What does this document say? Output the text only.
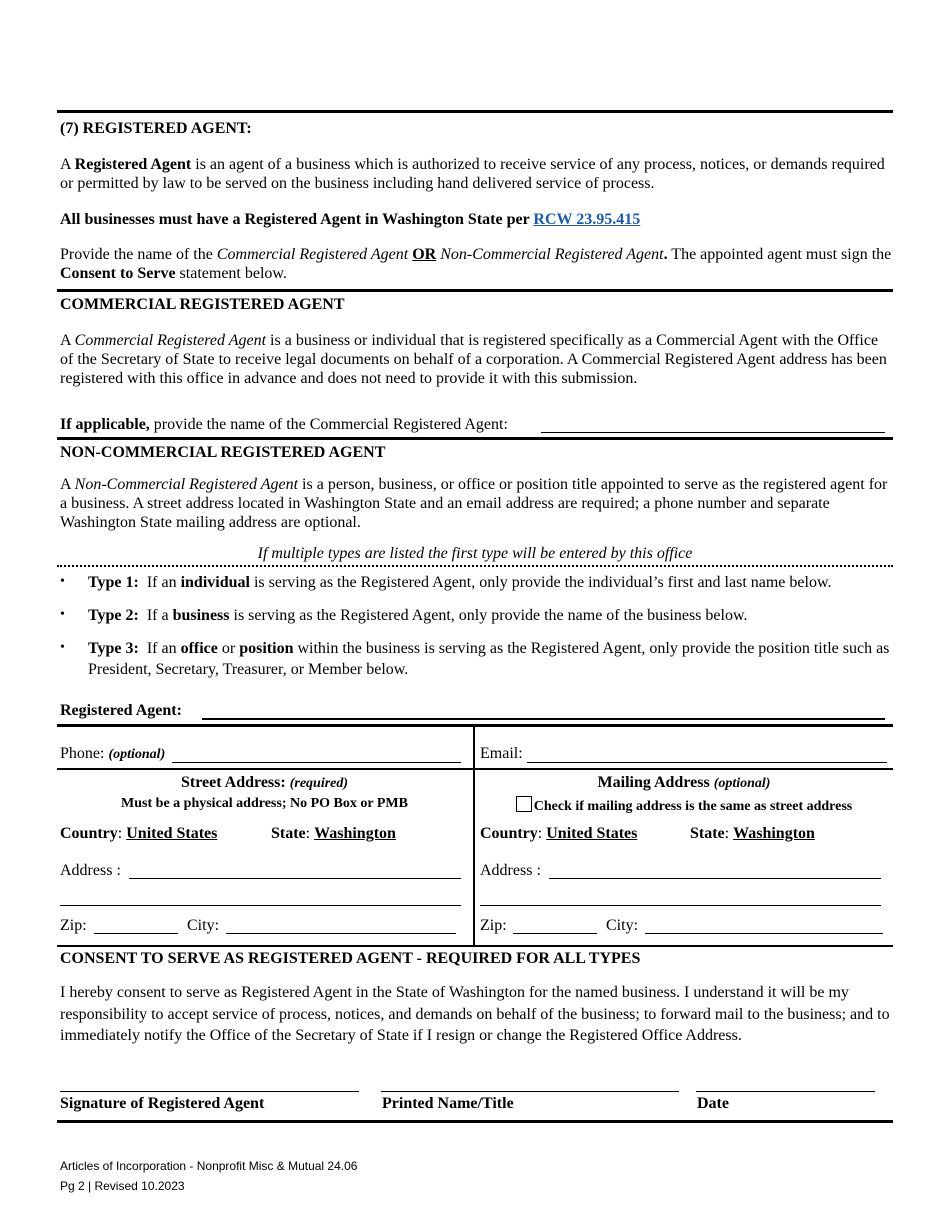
(7) REGISTERED AGENT:
A Registered Agent is an agent of a business which is authorized to receive service of any process, notices, or demands required or permitted by law to be served on the business including hand delivered service of process.
All businesses must have a Registered Agent in Washington State per RCW 23.95.415
Provide the name of the Commercial Registered Agent OR Non-Commercial Registered Agent. The appointed agent must sign the Consent to Serve statement below.
COMMERCIAL REGISTERED AGENT
A Commercial Registered Agent is a business or individual that is registered specifically as a Commercial Agent with the Office of the Secretary of State to receive legal documents on behalf of a corporation. A Commercial Registered Agent address has been registered with this office in advance and does not need to provide it with this submission.
If applicable, provide the name of the Commercial Registered Agent:
NON-COMMERCIAL REGISTERED AGENT
A Non-Commercial Registered Agent is a person, business, or office or position title appointed to serve as the registered agent for a business. A street address located in Washington State and an email address are required; a phone number and separate Washington State mailing address are optional.
If multiple types are listed the first type will be entered by this office
• Type 1:  If an individual is serving as the Registered Agent, only provide the individual’s first and last name below.
• Type 2:  If a business is serving as the Registered Agent, only provide the name of the business below.
• Type 3:  If an office or position within the business is serving as the Registered Agent, only provide the position title such as President, Secretary, Treasurer, or Member below.
Registered Agent:
Phone: (optional)	Email:
Street Address: (required)
Must be a physical address; No PO Box or PMB
Country: United States	State: Washington
Address :
Zip:	City:
Mailing Address (optional)
Check if mailing address is the same as street address
Country: United States	State: Washington
Address :
Zip:	City:
CONSENT TO SERVE AS REGISTERED AGENT - REQUIRED FOR ALL TYPES
I hereby consent to serve as Registered Agent in the State of Washington for the named business. I understand it will be my responsibility to accept service of process, notices, and demands on behalf of the business; to forward mail to the business; and to immediately notify the Office of the Secretary of State if I resign or change the Registered Office Address.
Signature of Registered Agent	Printed Name/Title	Date
Articles of Incorporation - Nonprofit Misc & Mutual 24.06
Pg 2 | Revised 10.2023
